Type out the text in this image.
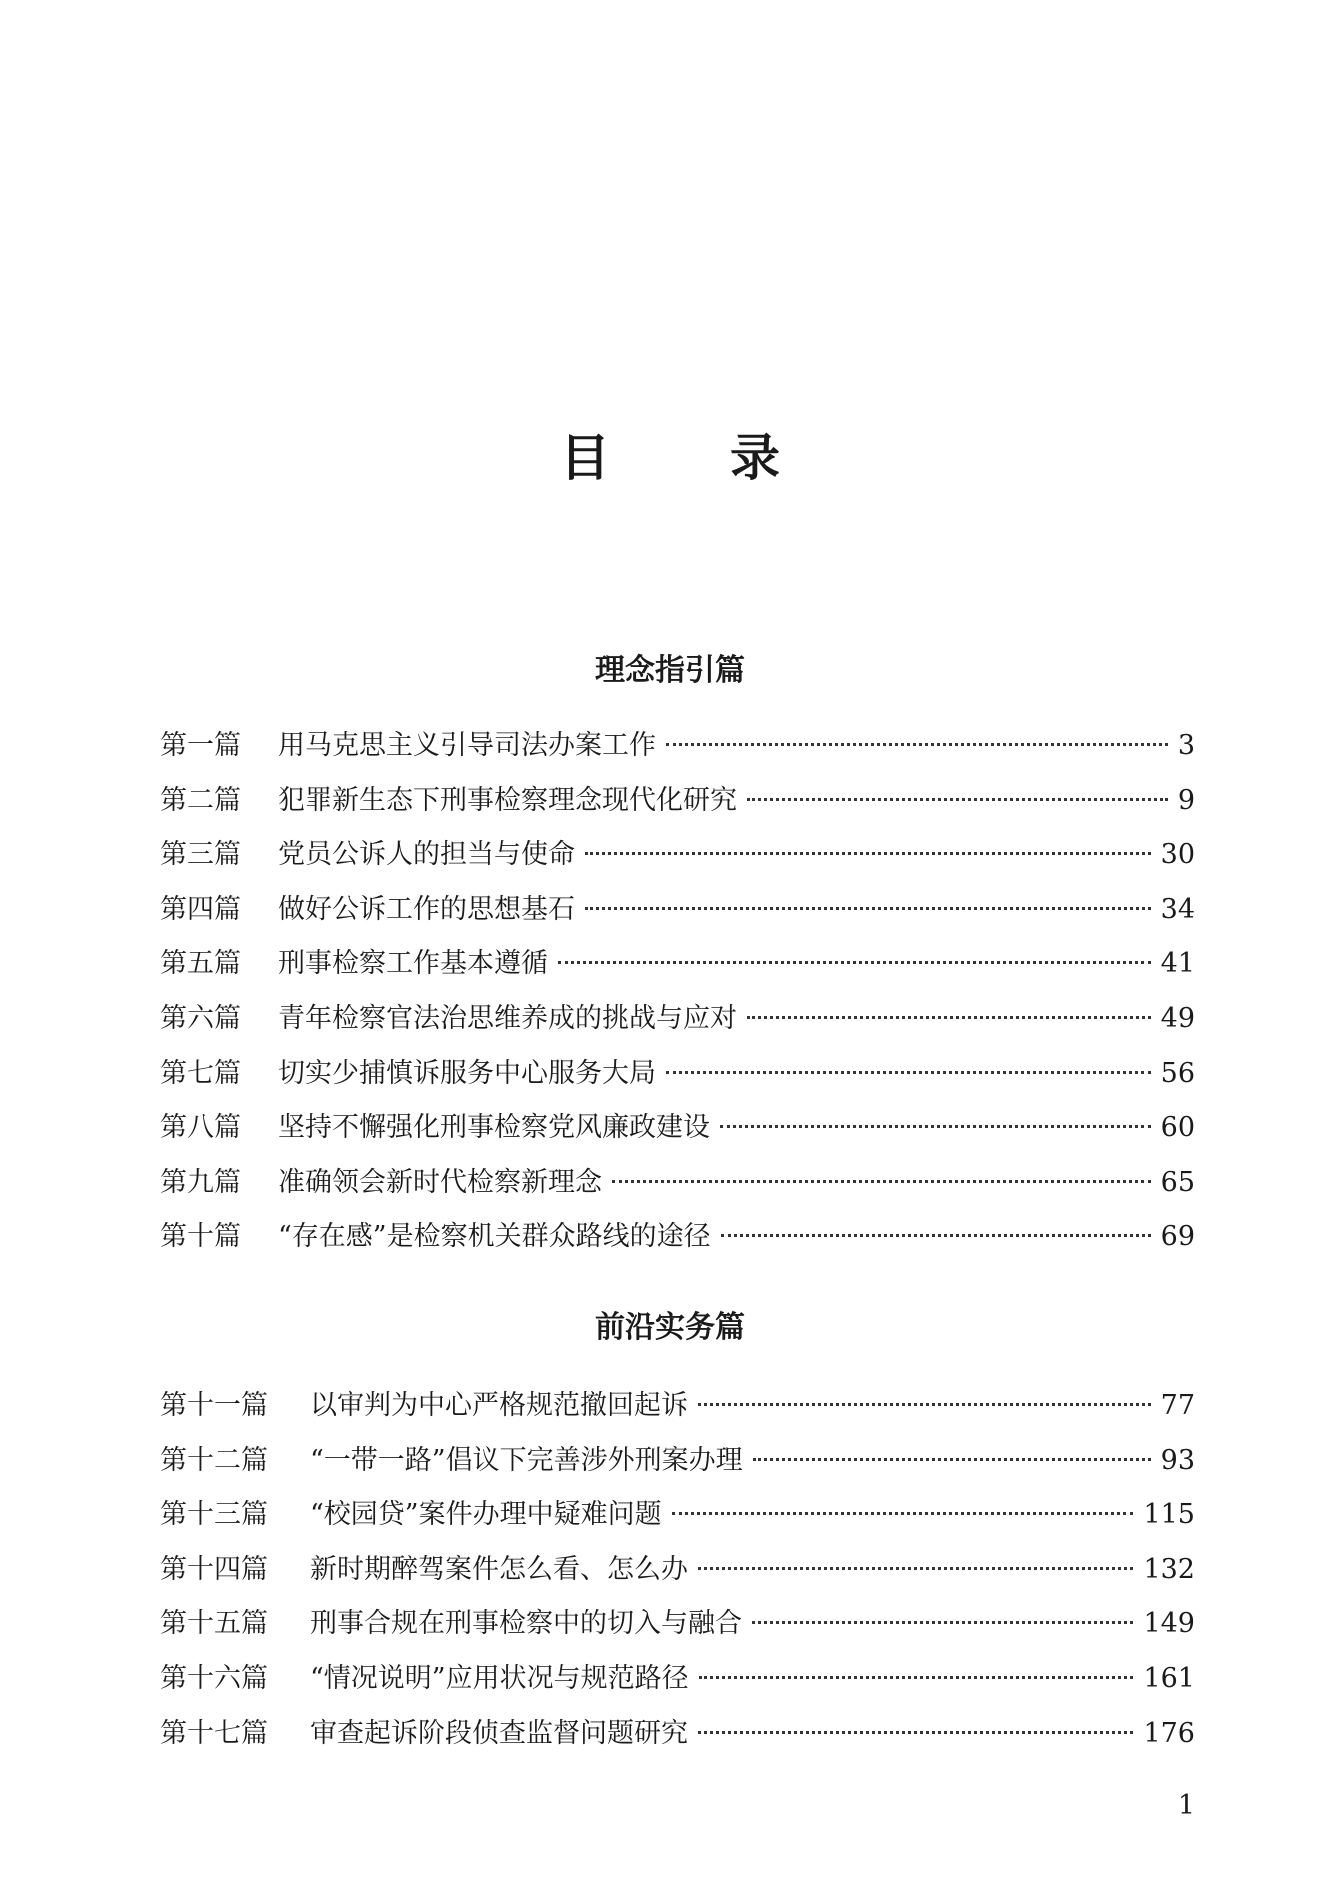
目 录
理念指引篇
第一篇	用马克思主义引导司法办案工作	3
第二篇	犯罪新生态下刑事检察理念现代化研究	9
第三篇	党员公诉人的担当与使命	30
第四篇	做好公诉工作的思想基石	34
第五篇	刑事检察工作基本遵循	41
第六篇	青年检察官法治思维养成的挑战与应对	49
第七篇	切实少捕慎诉服务中心服务大局	56
第八篇	坚持不懈强化刑事检察党风廉政建设	60
第九篇	准确领会新时代检察新理念	65
第十篇	“存在感”是检察机关群众路线的途径	69
前沿实务篇
第十一篇	以审判为中心严格规范撤回起诉	77
第十二篇	“一带一路”倡议下完善涉外刑案办理	93
第十三篇	“校园贷”案件办理中疑难问题	115
第十四篇	新时期醉驾案件怎么看、怎么办	132
第十五篇	刑事合规在刑事检察中的切入与融合	149
第十六篇	“情况说明”应用状况与规范路径	161
第十七篇	审查起诉阶段侦查监督问题研究	176
1
